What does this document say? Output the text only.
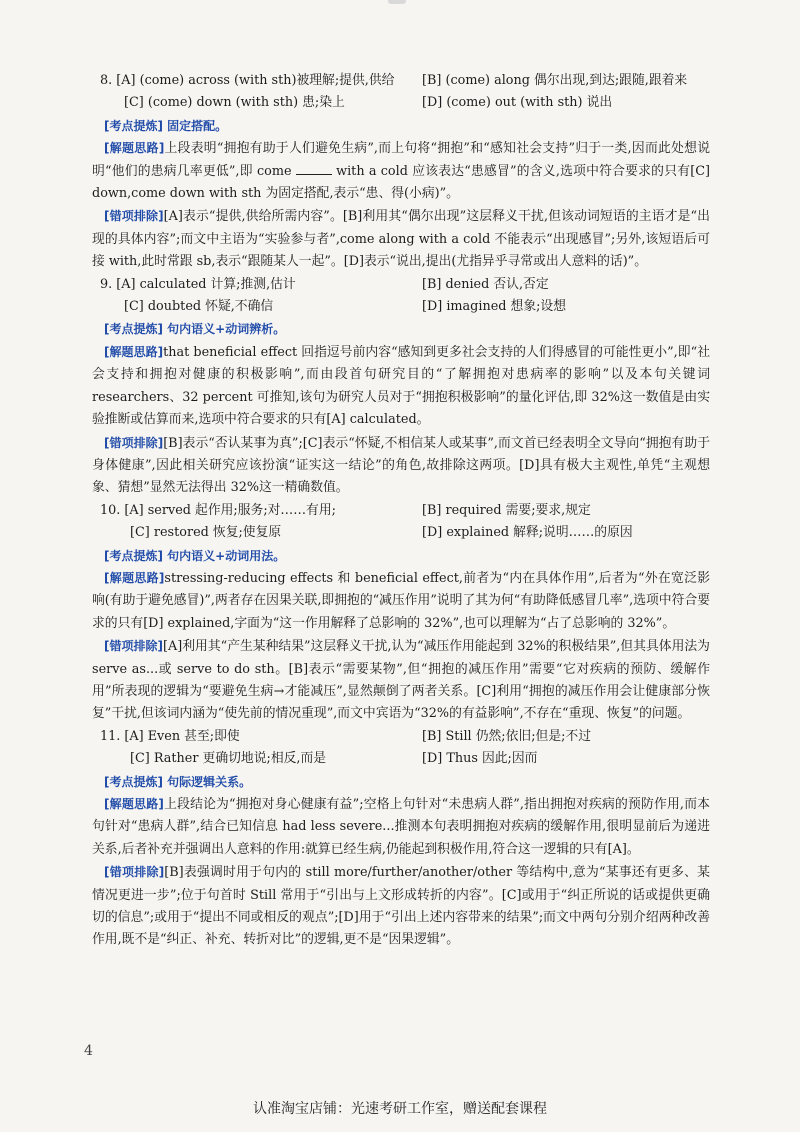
8. [A] (come) across (with sth)被理解;提供,供给	[B] (come) along 偶尔出现,到达;跟随,跟着来
[C] (come) down (with sth) 患;染上	[D] (come) out (with sth) 说出
[考点提炼] 固定搭配。

[解题思路]上段表明“拥抱有助于人们避免生病”,而上句将“拥抱”和“感知社会支持”归于一类,因而此处想说明“他们的患病几率更低”,即 come	with a cold 应该表达“患感冒”的含义,选项中符合要求的只有[C] down,come down with sth 为固定搭配,表示“患、得(小病)”。

[错项排除][A]表示“提供,供给所需内容”。[B]利用其“偶尔出现”这层释义干扰,但该动词短语的主语才是“出现的具体内容”;而文中主语为“实验参与者”,come along with a cold 不能表示“出现感冒”;另外,该短语后可接 with,此时常跟 sb,表示“跟随某人一起”。[D]表示“说出,提出(尤指异乎寻常或出人意料的话)”。

9. [A] calculated 计算;推测,估计	[B] denied 否认,否定
[C] doubted 怀疑,不确信	[D] imagined 想象;设想
[考点提炼] 句内语义+动词辨析。

[解题思路]that beneficial effect 回指逗号前内容“感知到更多社会支持的人们得感冒的可能性更小”,即“社会支持和拥抱对健康的积极影响”,而由段首句研究目的“了解拥抱对患病率的影响”以及本句关键词 researchers、32 percent 可推知,该句为研究人员对于“拥抱积极影响”的量化评估,即 32%这一数值是由实验推断或估算而来,选项中符合要求的只有[A] calculated。

[错项排除][B]表示“否认某事为真”;[C]表示“怀疑,不相信某人或某事”,而文首已经表明全文导向“拥抱有助于身体健康”,因此相关研究应该扮演“证实这一结论”的角色,故排除这两项。[D]具有极大主观性,单凭“主观想象、猜想”显然无法得出 32%这一精确数值。

10. [A] served 起作用;服务;对……有用;	[B] required 需要;要求,规定
[C] restored 恢复;使复原	[D] explained 解释;说明……的原因
[考点提炼] 句内语义+动词用法。

[解题思路]stressing-reducing effects 和 beneficial effect,前者为“内在具体作用”,后者为“外在宽泛影响(有助于避免感冒)”,两者存在因果关联,即拥抱的“减压作用”说明了其为何“有助降低感冒几率”,选项中符合要求的只有[D] explained,字面为“这一作用解释了总影响的 32%”,也可以理解为“占了总影响的 32%”。

[错项排除][A]利用其“产生某种结果”这层释义干扰,认为“减压作用能起到 32%的积极结果”,但其具体用法为 serve as...或 serve to do sth。[B]表示“需要某物”,但“拥抱的减压作用”需要“它对疾病的预防、缓解作用”所表现的逻辑为“要避免生病→才能减压”,显然颠倒了两者关系。[C]利用“拥抱的减压作用会让健康部分恢复”干扰,但该词内涵为“使先前的情况重现”,而文中宾语为“32%的有益影响”,不存在“重现、恢复”的问题。

11. [A] Even 甚至;即使	[B] Still 仍然;依旧;但是;不过
[C] Rather 更确切地说;相反,而是	[D] Thus 因此;因而
[考点提炼] 句际逻辑关系。

[解题思路]上段结论为“拥抱对身心健康有益”;空格上句针对“未患病人群”,指出拥抱对疾病的预防作用,而本句针对“患病人群”,结合已知信息 had less severe...推测本句表明拥抱对疾病的缓解作用,很明显前后为递进关系,后者补充并强调出人意料的作用:就算已经生病,仍能起到积极作用,符合这一逻辑的只有[A]。

[错项排除][B]表强调时用于句内的 still more/further/another/other 等结构中,意为“某事还有更多、某情况更进一步”;位于句首时 Still 常用于“引出与上文形成转折的内容”。[C]或用于“纠正所说的话或提供更确切的信息”;或用于“提出不同或相反的观点”;[D]用于“引出上述内容带来的结果”;而文中两句分别介绍两种改善作用,既不是“纠正、补充、转折对比”的逻辑,更不是“因果逻辑”。

4
认准淘宝店铺：光速考研工作室，赠送配套课程
